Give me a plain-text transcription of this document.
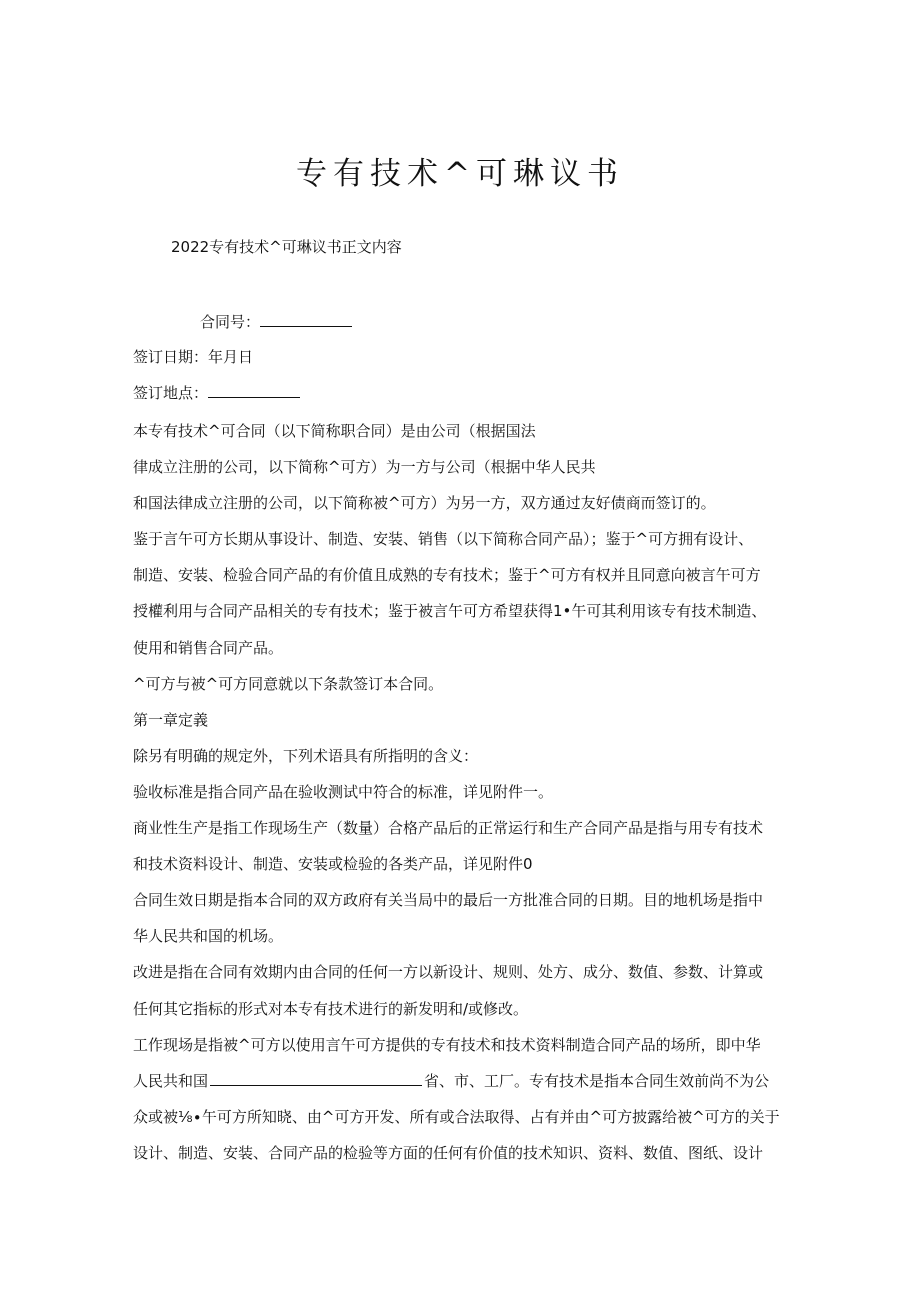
专有技术^可琳议书
2022专有技术^可琳议书正文内容
合同号：
签订日期：年月日
签订地点：
本专有技术^可合同（以下简称职合同）是由公司（根据国法
律成立注册的公司，以下简称^可方）为一方与公司（根据中华人民共
和国法律成立注册的公司，以下简称被^可方）为另一方，双方通过友好债商而签订的。
鉴于言午可方长期从事设计、制造、安装、销售（以下简称合同产品）；鉴于^可方拥有设计、
制造、安装、检验合同产品的有价值且成熟的专有技术；鉴于^可方有权并且同意向被言午可方
授權利用与合同产品相关的专有技术；鉴于被言午可方希望获得1•午可其利用该专有技术制造、
使用和销售合同产品。
^可方与被^可方同意就以下条款签订本合同。
第一章定義
除另有明确的规定外，下列术语具有所指明的含义：
验收标准是指合同产品在验收测试中符合的标准，详见附件一。
商业性生产是指工作现场生产（数量）合格产品后的正常运行和生产合同产品是指与用专有技术
和技术资料设计、制造、安装或检验的各类产品，详见附件0
合同生效日期是指本合同的双方政府有关当局中的最后一方批准合同的日期。目的地机场是指中
华人民共和国的机场。
改进是指在合同有效期内由合同的任何一方以新设计、规则、处方、成分、数值、参数、计算或
任何其它指标的形式对本专有技术进行的新发明和/或修改。
工作现场是指被^可方以使用言午可方提供的专有技术和技术资料制造合同产品的场所，即中华
人民共和国	省、市、工厂。专有技术是指本合同生效前尚不为公
众或被⅛∙午可方所知晓、由^可方开发、所有或合法取得、占有并由^可方披露给被^可方的关于
设计、制造、安装、合同产品的检验等方面的任何有价值的技术知识、资料、数值、图纸、设计
